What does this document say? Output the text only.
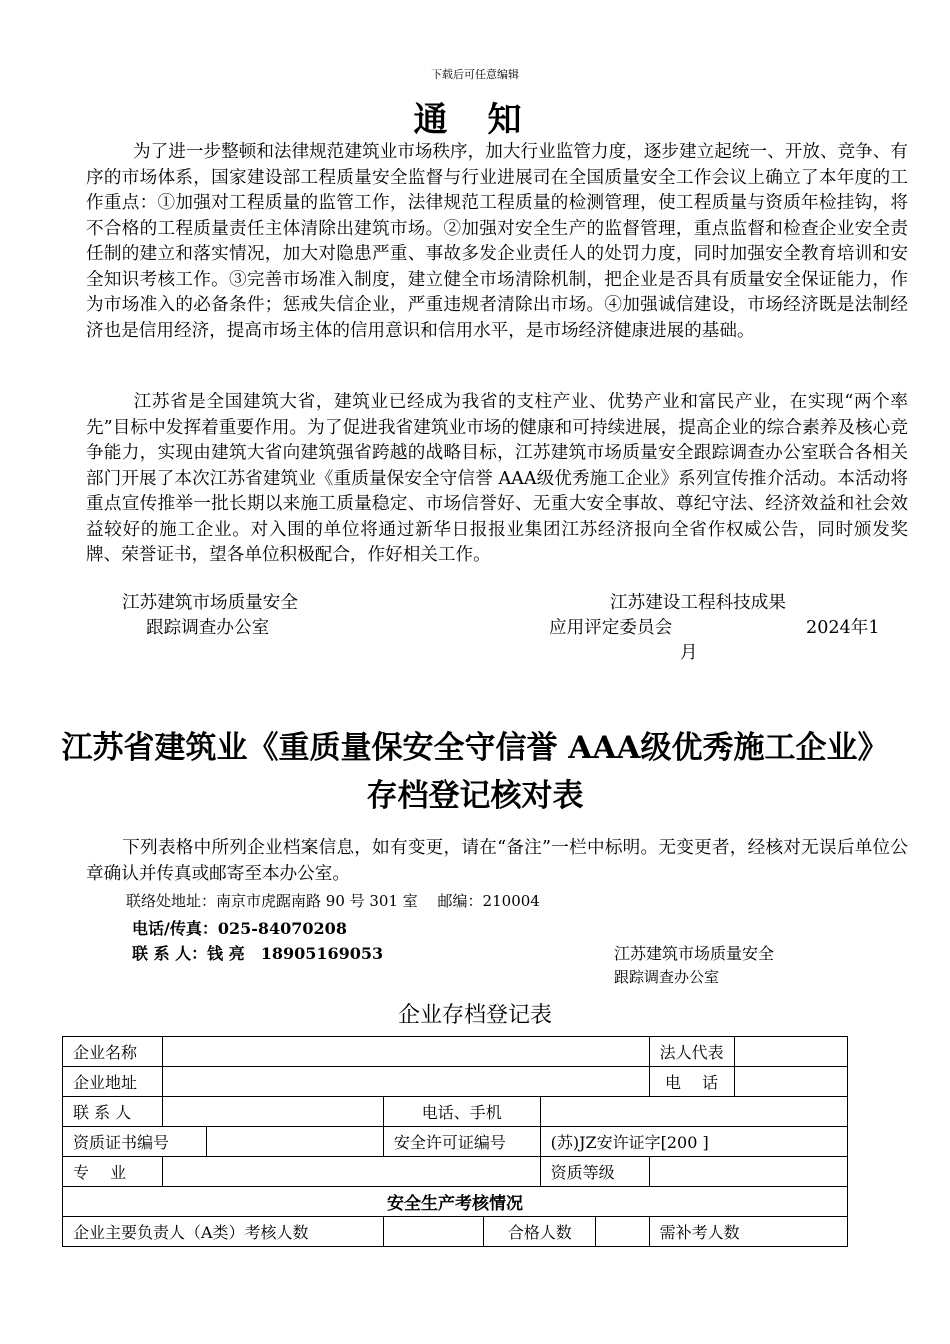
下载后可任意编辑
通知
为了进一步整顿和法律规范建筑业市场秩序，加大行业监管力度，逐步建立起统一、开放、竞争、有序的市场体系，国家建设部工程质量安全监督与行业进展司在全国质量安全工作会议上确立了本年度的工作重点：①加强对工程质量的监管工作，法律规范工程质量的检测管理，使工程质量与资质年检挂钩，将不合格的工程质量责任主体清除出建筑市场。②加强对安全生产的监督管理，重点监督和检查企业安全责任制的建立和落实情况，加大对隐患严重、事故多发企业责任人的处罚力度，同时加强安全教育培训和安全知识考核工作。③完善市场准入制度，建立健全市场清除机制，把企业是否具有质量安全保证能力，作为市场准入的必备条件；惩戒失信企业，严重违规者清除出市场。④加强诚信建设，市场经济既是法制经济也是信用经济，提高市场主体的信用意识和信用水平，是市场经济健康进展的基础。
江苏省是全国建筑大省，建筑业已经成为我省的支柱产业、优势产业和富民产业，在实现“两个率先”目标中发挥着重要作用。为了促进我省建筑业市场的健康和可持续进展，提高企业的综合素养及核心竞争能力，实现由建筑大省向建筑强省跨越的战略目标，江苏建筑市场质量安全跟踪调查办公室联合各相关部门开展了本次江苏省建筑业《重质量保安全守信誉 AAA级优秀施工企业》系列宣传推介活动。本活动将重点宣传推举一批长期以来施工质量稳定、市场信誉好、无重大安全事故、尊纪守法、经济效益和社会效益较好的施工企业。对入围的单位将通过新华日报报业集团江苏经济报向全省作权威公告，同时颁发奖牌、荣誉证书，望各单位积极配合，作好相关工作。
江苏建筑市场质量安全
跟踪调查办公室
江苏建设工程科技成果
应用评定委员会	2024年1
月
江苏省建筑业《重质量保安全守信誉 AAA级优秀施工企业》
存档登记核对表
下列表格中所列企业档案信息，如有变更，请在“备注”一栏中标明。无变更者，经核对无误后单位公章确认并传真或邮寄至本办公室。
联络处地址：南京市虎踞南路 90 号 301 室　 邮编：210004
电话/传真：025-84070208
联 系 人：钱 亮　18905169053	江苏建筑市场质量安全
跟踪调查办公室
企业存档登记表
企业名称							法人代表	
企业地址							电　 话	
联 系 人			电话、手机					
资质证书编号			安全许可证编号		(苏)JZ安许证字[200 ]			
专　 业					资质等级			
安全生产考核情况								
企业主要负责人（A类）考核人数				合格人数			需补考人数	
